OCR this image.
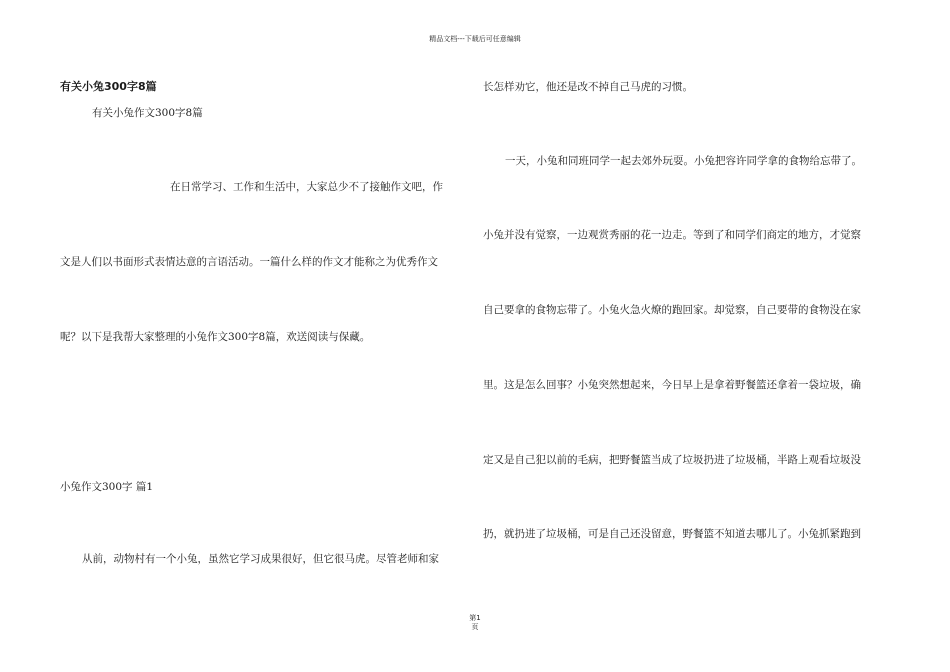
精品文档---下载后可任意编辑
有关小兔300字8篇
有关小兔作文300字8篇
在日常学习、工作和生活中，大家总少不了接触作文吧，作
文是人们以书面形式表情达意的言语活动。一篇什么样的作文才能称之为优秀作文
呢？以下是我帮大家整理的小兔作文300字8篇，欢送阅读与保藏。
小兔作文300字 篇1
从前，动物村有一个小兔，虽然它学习成果很好，但它很马虎。尽管老师和家
长怎样劝它，他还是改不掉自己马虎的习惯。
一天，小兔和同班同学一起去郊外玩耍。小兔把容许同学拿的食物给忘带了。
小兔并没有觉察，一边观赏秀丽的花一边走。等到了和同学们商定的地方，才觉察
自己要拿的食物忘带了。小兔火急火燎的跑回家。却觉察，自己要带的食物没在家
里。这是怎么回事？小兔突然想起来，今日早上是拿着野餐篮还拿着一袋垃圾，确
定又是自己犯以前的毛病，把野餐篮当成了垃圾扔进了垃圾桶，半路上观看垃圾没
扔，就扔进了垃圾桶，可是自己还没留意，野餐篮不知道去哪儿了。小兔抓紧跑到
第1
页
